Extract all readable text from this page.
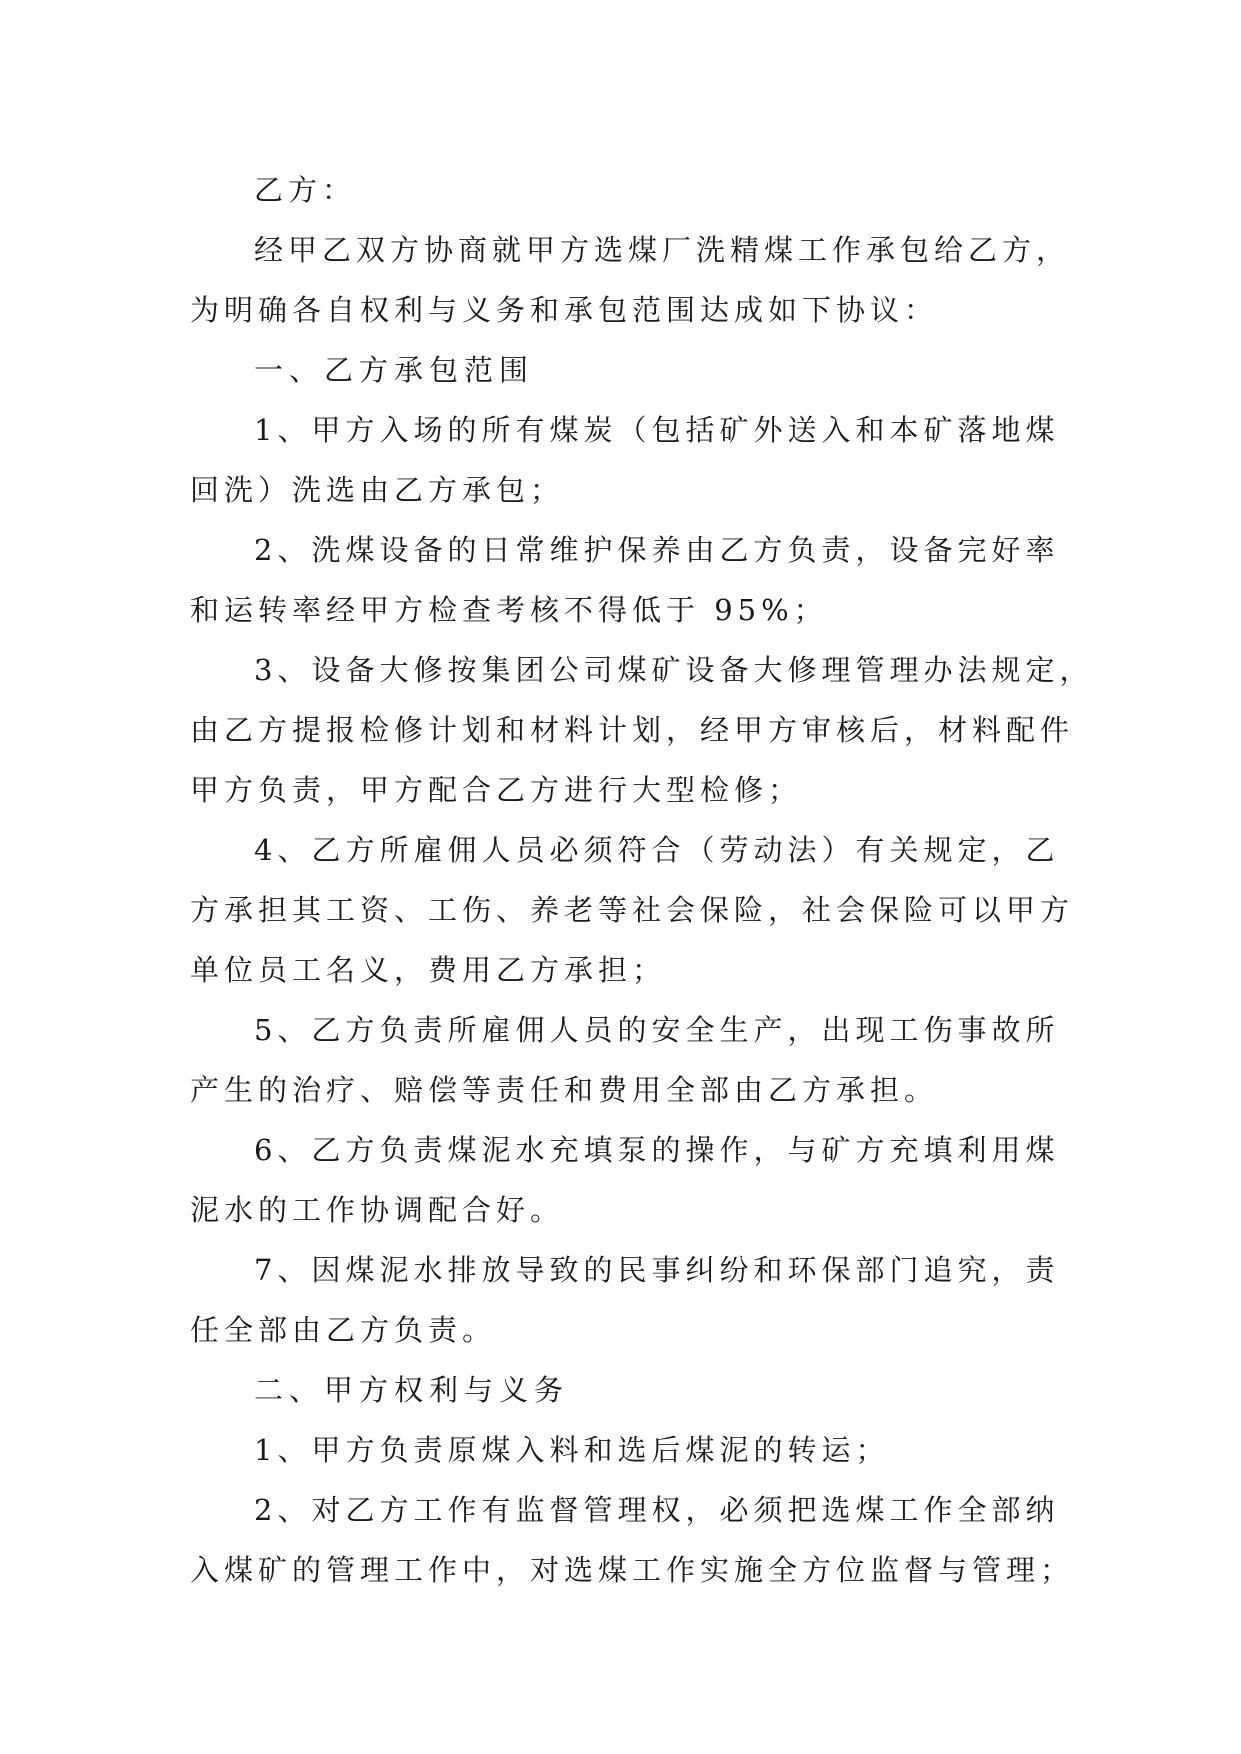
乙方：
经甲乙双方协商就甲方选煤厂洗精煤工作承包给乙方，
为明确各自权利与义务和承包范围达成如下协议：
一、乙方承包范围
1、甲方入场的所有煤炭（包括矿外送入和本矿落地煤
回洗）洗选由乙方承包；
2、洗煤设备的日常维护保养由乙方负责，设备完好率
和运转率经甲方检查考核不得低于 95%；
3、设备大修按集团公司煤矿设备大修理管理办法规定，
由乙方提报检修计划和材料计划，经甲方审核后，材料配件
甲方负责，甲方配合乙方进行大型检修；
4、乙方所雇佣人员必须符合（劳动法）有关规定，乙
方承担其工资、工伤、养老等社会保险，社会保险可以甲方
单位员工名义，费用乙方承担；
5、乙方负责所雇佣人员的安全生产，出现工伤事故所
产生的治疗、赔偿等责任和费用全部由乙方承担。
6、乙方负责煤泥水充填泵的操作，与矿方充填利用煤
泥水的工作协调配合好。
7、因煤泥水排放导致的民事纠纷和环保部门追究，责
任全部由乙方负责。
二、甲方权利与义务
1、甲方负责原煤入料和选后煤泥的转运；
2、对乙方工作有监督管理权，必须把选煤工作全部纳
入煤矿的管理工作中，对选煤工作实施全方位监督与管理；
